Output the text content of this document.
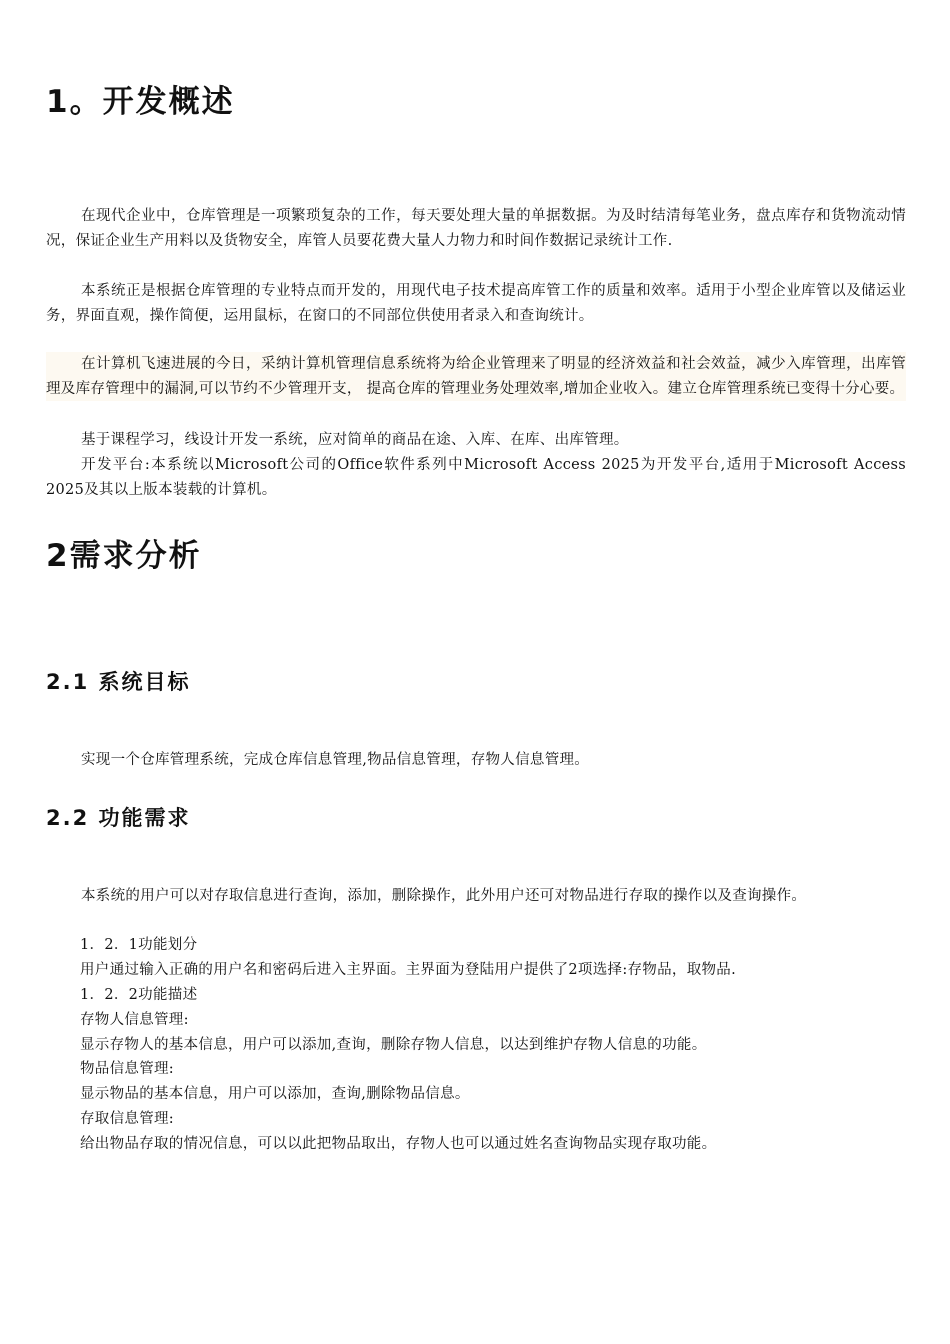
1。开发概述

在现代企业中，仓库管理是一项繁琐复杂的工作，每天要处理大量的单据数据。为及时结清每笔业务，盘点库存和货物流动情况，保证企业生产用料以及货物安全，库管人员要花费大量人力物力和时间作数据记录统计工作.

本系统正是根据仓库管理的专业特点而开发的，用现代电子技术提高库管工作的质量和效率。适用于小型企业库管以及储运业务，界面直观，操作简便，运用鼠标，在窗口的不同部位供使用者录入和查询统计。

在计算机飞速进展的今日，采纳计算机管理信息系统将为给企业管理来了明显的经济效益和社会效益，减少入库管理，出库管理及库存管理中的漏洞,可以节约不少管理开支， 提高仓库的管理业务处理效率,增加企业收入。建立仓库管理系统已变得十分心要。

基于课程学习，线设计开发一系统，应对简单的商品在途、入库、在库、出库管理。

开发平台:本系统以Microsoft公司的Office软件系列中Microsoft Access 2025为开发平台,适用于Microsoft Access 2025及其以上版本装载的计算机。

2需求分析
2.1 系统目标

实现一个仓库管理系统，完成仓库信息管理,物品信息管理，存物人信息管理。

2.2 功能需求

本系统的用户可以对存取信息进行查询，添加，删除操作，此外用户还可对物品进行存取的操作以及查询操作。

1．2．1功能划分

用户通过输入正确的用户名和密码后进入主界面。主界面为登陆用户提供了2项选择:存物品，取物品.

1．2．2功能描述

存物人信息管理:

显示存物人的基本信息，用户可以添加,查询，删除存物人信息，以达到维护存物人信息的功能。

物品信息管理:

显示物品的基本信息，用户可以添加，查询,删除物品信息。

存取信息管理:

给出物品存取的情况信息，可以以此把物品取出，存物人也可以通过姓名查询物品实现存取功能。
